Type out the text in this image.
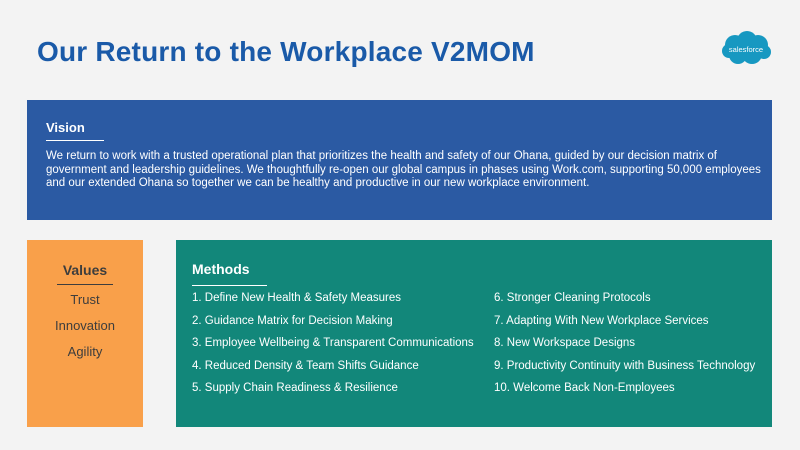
Our Return to the Workplace V2MOM	salesforce
Vision
We return to work with a trusted operational plan that prioritizes the health and safety of our Ohana, guided by our decision matrix of government and leadership guidelines. We thoughtfully re-open our global campus in phases using Work.com, supporting 50,000 employees and our extended Ohana so together we can be healthy and productive in our new workplace environment.
Values
Trust
Innovation
Agility
Methods
1. Define New Health & Safety Measures
2. Guidance Matrix for Decision Making
3. Employee Wellbeing & Transparent Communications
4. Reduced Density & Team Shifts Guidance
5. Supply Chain Readiness & Resilience
6. Stronger Cleaning Protocols
7. Adapting With New Workplace Services
8. New Workspace Designs
9. Productivity Continuity with Business Technology
10. Welcome Back Non-Employees
